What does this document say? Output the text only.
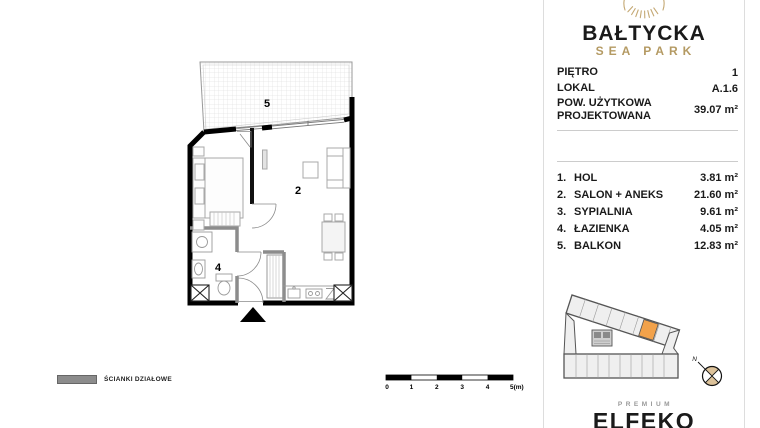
5
2
4
ŚCIANKI DZIAŁOWE
0	1	2	3	4	5(m)
BAŁTYCKA
SEA PARK
PIĘTRO	1
LOKAL	A.1.6
POW. UŻYTKOWA PROJEKTOWANA	39.07 m²
1. HOL	3.81 m²
2. SALON + ANEKS	21.60 m²
3. SYPIALNIA	9.61 m²
4. ŁAZIENKA	4.05 m²
5. BALKON	12.83 m²
N
PREMIUM
ELFEKO
